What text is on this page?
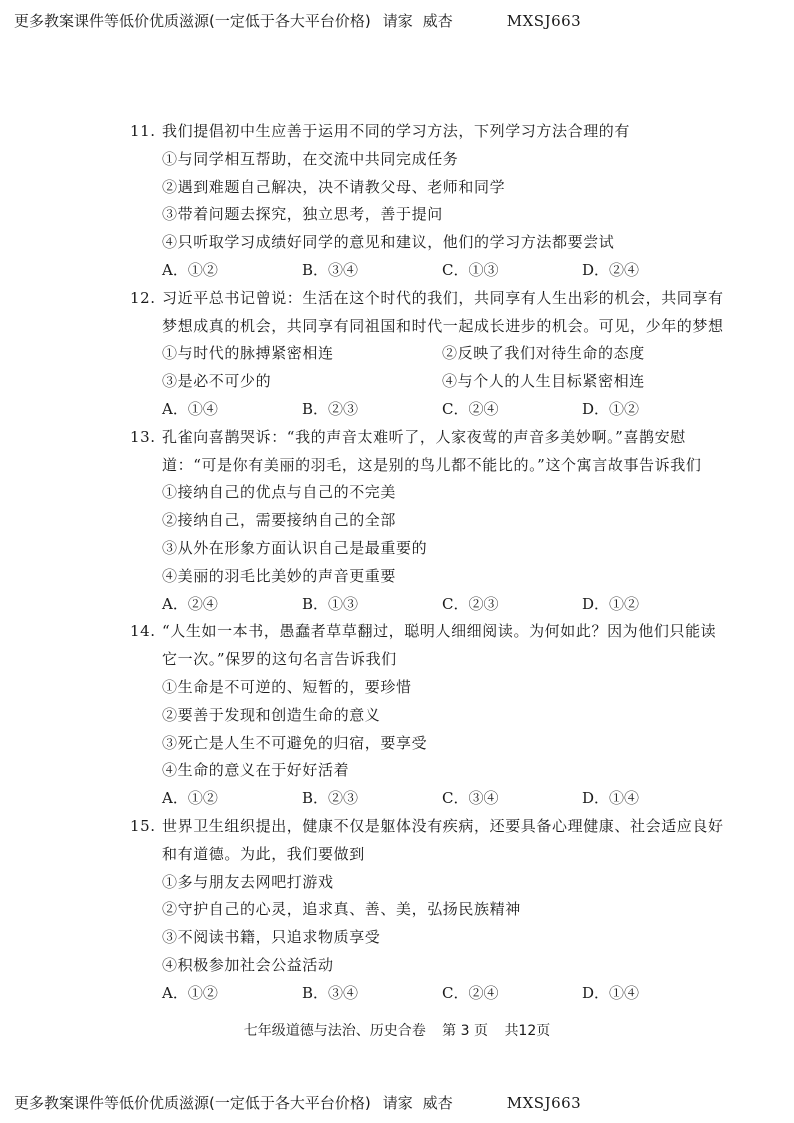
更多教案课件等低价优质滋源(一定低于各大平台价格) 请家 威杏	MXSJ663
11. 我们提倡初中生应善于运用不同的学习方法，下列学习方法合理的有
①与同学相互帮助，在交流中共同完成任务
②遇到难题自己解决，决不请教父母、老师和同学
③带着问题去探究，独立思考，善于提问
④只听取学习成绩好同学的意见和建议，他们的学习方法都要尝试
A．①②	B．③④	C．①③	D．②④
12. 习近平总书记曾说：生活在这个时代的我们，共同享有人生出彩的机会，共同享有梦想成真的机会，共同享有同祖国和时代一起成长进步的机会。可见，少年的梦想
①与时代的脉搏紧密相连	②反映了我们对待生命的态度
③是必不可少的	④与个人的人生目标紧密相连
A．①④	B．②③	C．②④	D．①②
13. 孔雀向喜鹊哭诉：“我的声音太难听了，人家夜莺的声音多美妙啊。”喜鹊安慰道：“可是你有美丽的羽毛，这是别的鸟儿都不能比的。”这个寓言故事告诉我们
①接纳自己的优点与自己的不完美
②接纳自己，需要接纳自己的全部
③从外在形象方面认识自己是最重要的
④美丽的羽毛比美妙的声音更重要
A．②④	B．①③	C．②③	D．①②
14. “人生如一本书，愚蠢者草草翻过，聪明人细细阅读。为何如此？因为他们只能读它一次。”保罗的这句名言告诉我们
①生命是不可逆的、短暂的，要珍惜
②要善于发现和创造生命的意义
③死亡是人生不可避免的归宿，要享受
④生命的意义在于好好活着
A．①②	B．②③	C．③④	D．①④
15. 世界卫生组织提出，健康不仅是躯体没有疾病，还要具备心理健康、社会适应良好和有道德。为此，我们要做到
①多与朋友去网吧打游戏
②守护自己的心灵，追求真、善、美，弘扬民族精神
③不阅读书籍，只追求物质享受
④积极参加社会公益活动
A．①②	B．③④	C．②④	D．①④
七年级道德与法治、历史合卷 第 3 页 共12页
更多教案课件等低价优质滋源(一定低于各大平台价格) 请家 威杏	MXSJ663
